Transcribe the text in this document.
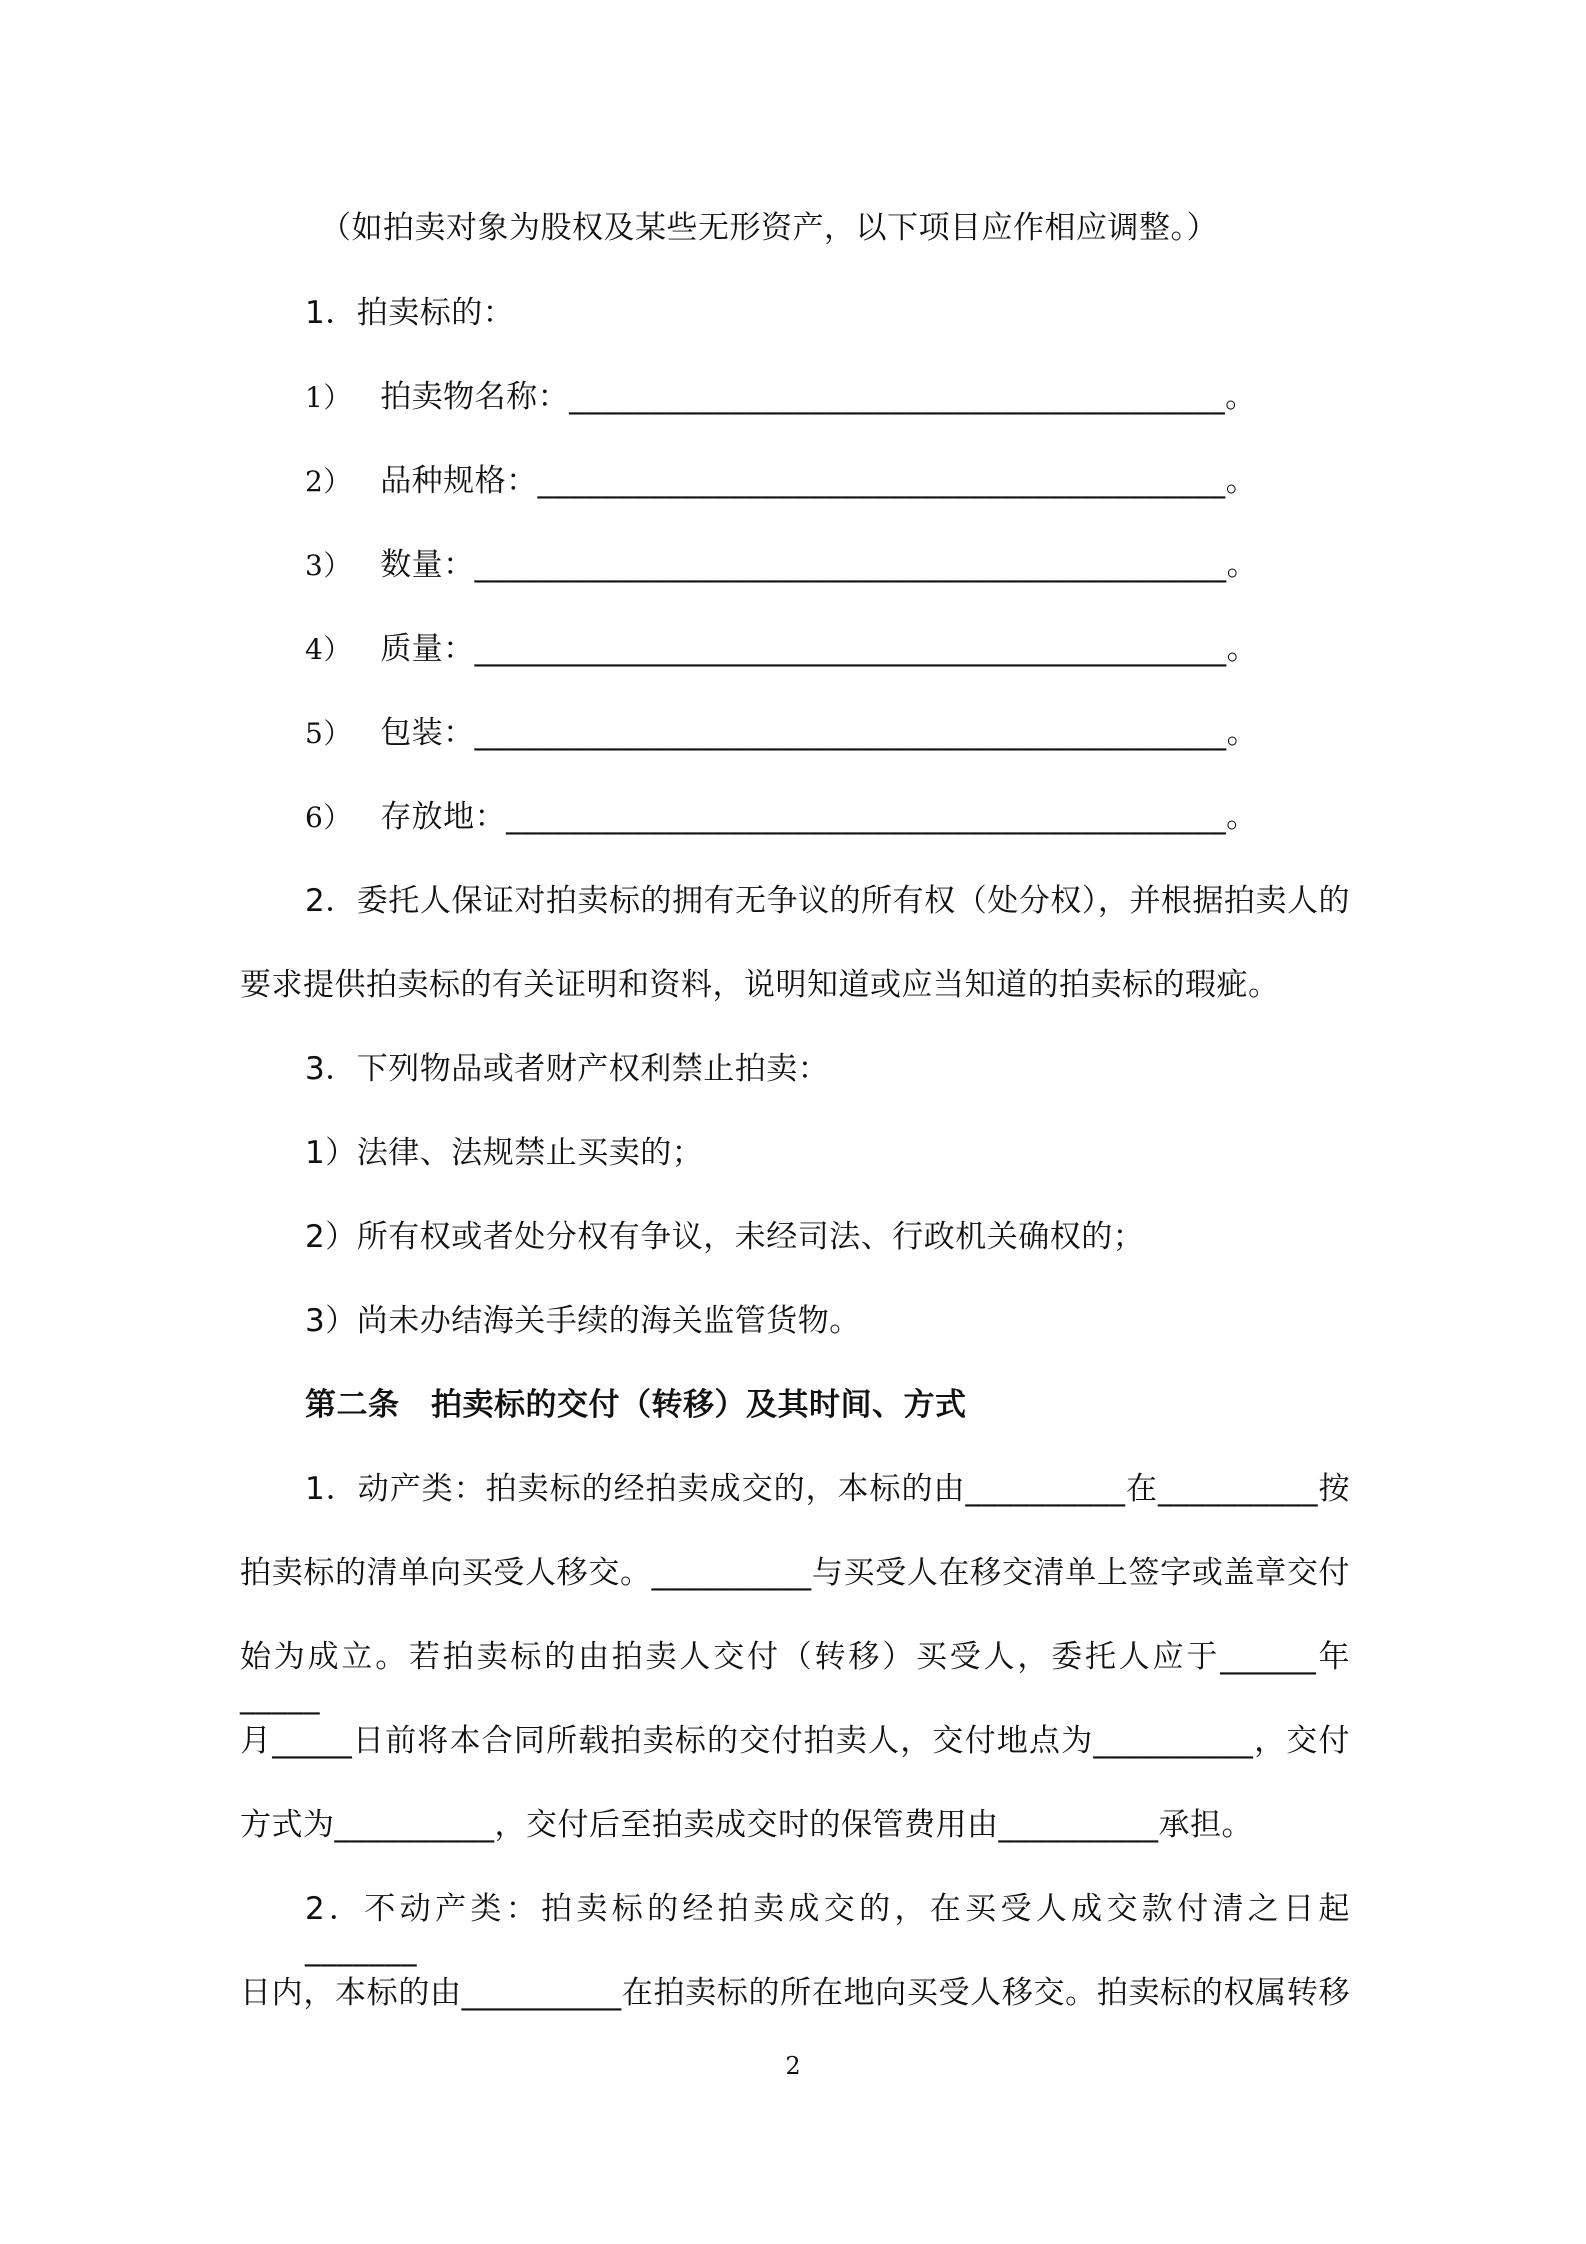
（如拍卖对象为股权及某些无形资产，以下项目应作相应调整。）
1．拍卖标的：
1） 拍卖物名称：_________________________________________。
2） 品种规格：___________________________________________。
3） 数量：_______________________________________________。
4） 质量：_______________________________________________。
5） 包装：_______________________________________________。
6） 存放地：_____________________________________________。
2．委托人保证对拍卖标的拥有无争议的所有权（处分权），并根据拍卖人的
要求提供拍卖标的有关证明和资料，说明知道或应当知道的拍卖标的瑕疵。
3．下列物品或者财产权利禁止拍卖：
1）法律、法规禁止买卖的；
2）所有权或者处分权有争议，未经司法、行政机关确权的；
3）尚未办结海关手续的海关监管货物。
第二条　拍卖标的交付（转移）及其时间、方式
1．动产类：拍卖标的经拍卖成交的，本标的由__________在__________按
拍卖标的清单向买受人移交。__________与买受人在移交清单上签字或盖章交付
始为成立。若拍卖标的由拍卖人交付（转移）买受人，委托人应于______年_____
月_____日前将本合同所载拍卖标的交付拍卖人，交付地点为__________，交付
方式为__________，交付后至拍卖成交时的保管费用由__________承担。
2．不动产类：拍卖标的经拍卖成交的，在买受人成交款付清之日起_______
日内，本标的由__________在拍卖标的所在地向买受人移交。拍卖标的权属转移
2
